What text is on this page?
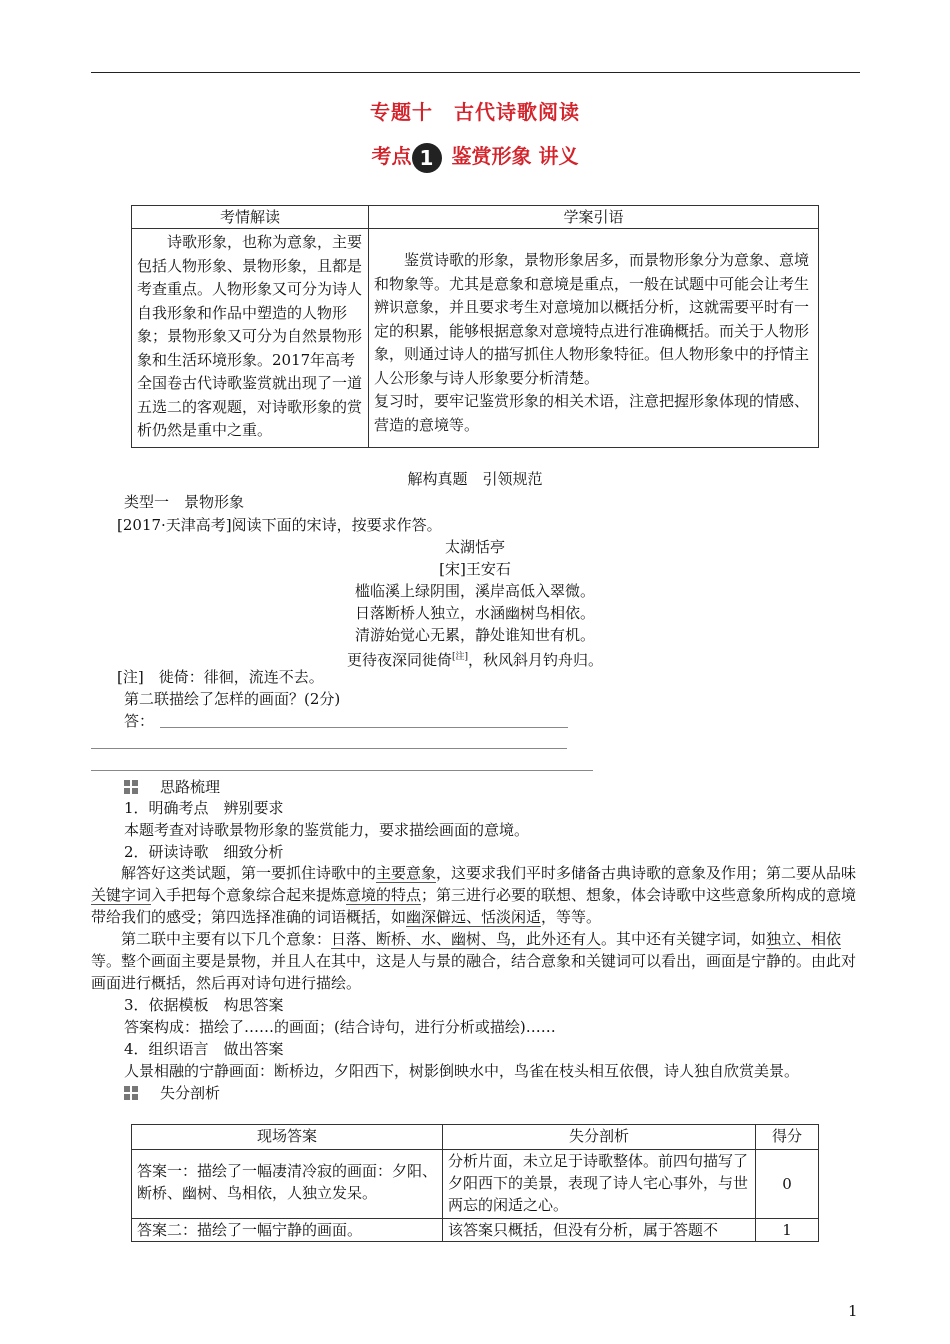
专题十　古代诗歌阅读
考点 1 鉴赏形象 讲义
考情解读	学案引语

诗歌形象，也称为意象，主要包括人物形象、景物形象，且都是考查重点。人物形象又可分为诗人自我形象和作品中塑造的人物形象；景物形象又可分为自然景物形象和生活环境形象。2017年高考全国卷古代诗歌鉴赏就出现了一道五选二的客观题，对诗歌形象的赏析仍然是重中之重。	鉴赏诗歌的形象，景物形象居多，而景物形象分为意象、意境和物象等。尤其是意象和意境是重点，一般在试题中可能会让考生辨识意象，并且要求考生对意境加以概括分析，这就需要平时有一定的积累，能够根据意象对意境特点进行准确概括。而关于人物形象，则通过诗人的描写抓住人物形象特征。但人物形象中的抒情主人公形象与诗人形象要分析清楚。

复习时，要牢记鉴赏形象的相关术语，注意把握形象体现的情感、营造的意境等。

解构真题　引领规范
类型一　景物形象
[2017·天津高考]阅读下面的宋诗，按要求作答。
太湖恬亭
[宋]王安石
槛临溪上绿阴围，溪岸高低入翠微。
日落断桥人独立，水涵幽树鸟相依。
清游始觉心无累，静处谁知世有机。
更待夜深同徙倚[注]，秋风斜月钓舟归。
[注]　徙倚：徘徊，流连不去。
第二联描绘了怎样的画面？(2分)
答：
思路梳理
1．明确考点　辨别要求
本题考查对诗歌景物形象的鉴赏能力，要求描绘画面的意境。
2．研读诗歌　细致分析

解答好这类试题，第一要抓住诗歌中的主要意象，这要求我们平时多储备古典诗歌的意象及作用；第二要从品味关键字词入手把每个意象综合起来提炼意境的特点；第三进行必要的联想、想象，体会诗歌中这些意象所构成的意境带给我们的感受；第四选择准确的词语概括，如幽深僻远、恬淡闲适，等等。

第二联中主要有以下几个意象：日落、断桥、水、幽树、鸟，此外还有人。其中还有关键字词，如独立、相依等。整个画面主要是景物，并且人在其中，这是人与景的融合，结合意象和关键词可以看出，画面是宁静的。由此对画面进行概括，然后再对诗句进行描绘。

3．依据模板　构思答案
答案构成：描绘了……的画面；(结合诗句，进行分析或描绘)……
4．组织语言　做出答案
人景相融的宁静画面：断桥边，夕阳西下，树影倒映水中，鸟雀在枝头相互依偎，诗人独自欣赏美景。
失分剖析
现场答案	失分剖析	得分
答案一：描绘了一幅凄清冷寂的画面：夕阳、断桥、幽树、鸟相依，人独立发呆。	分析片面，未立足于诗歌整体。前四句描写了夕阳西下的美景，表现了诗人宅心事外，与世两忘的闲适之心。	0
答案二：描绘了一幅宁静的画面。	该答案只概括，但没有分析，属于答题不	1
1
